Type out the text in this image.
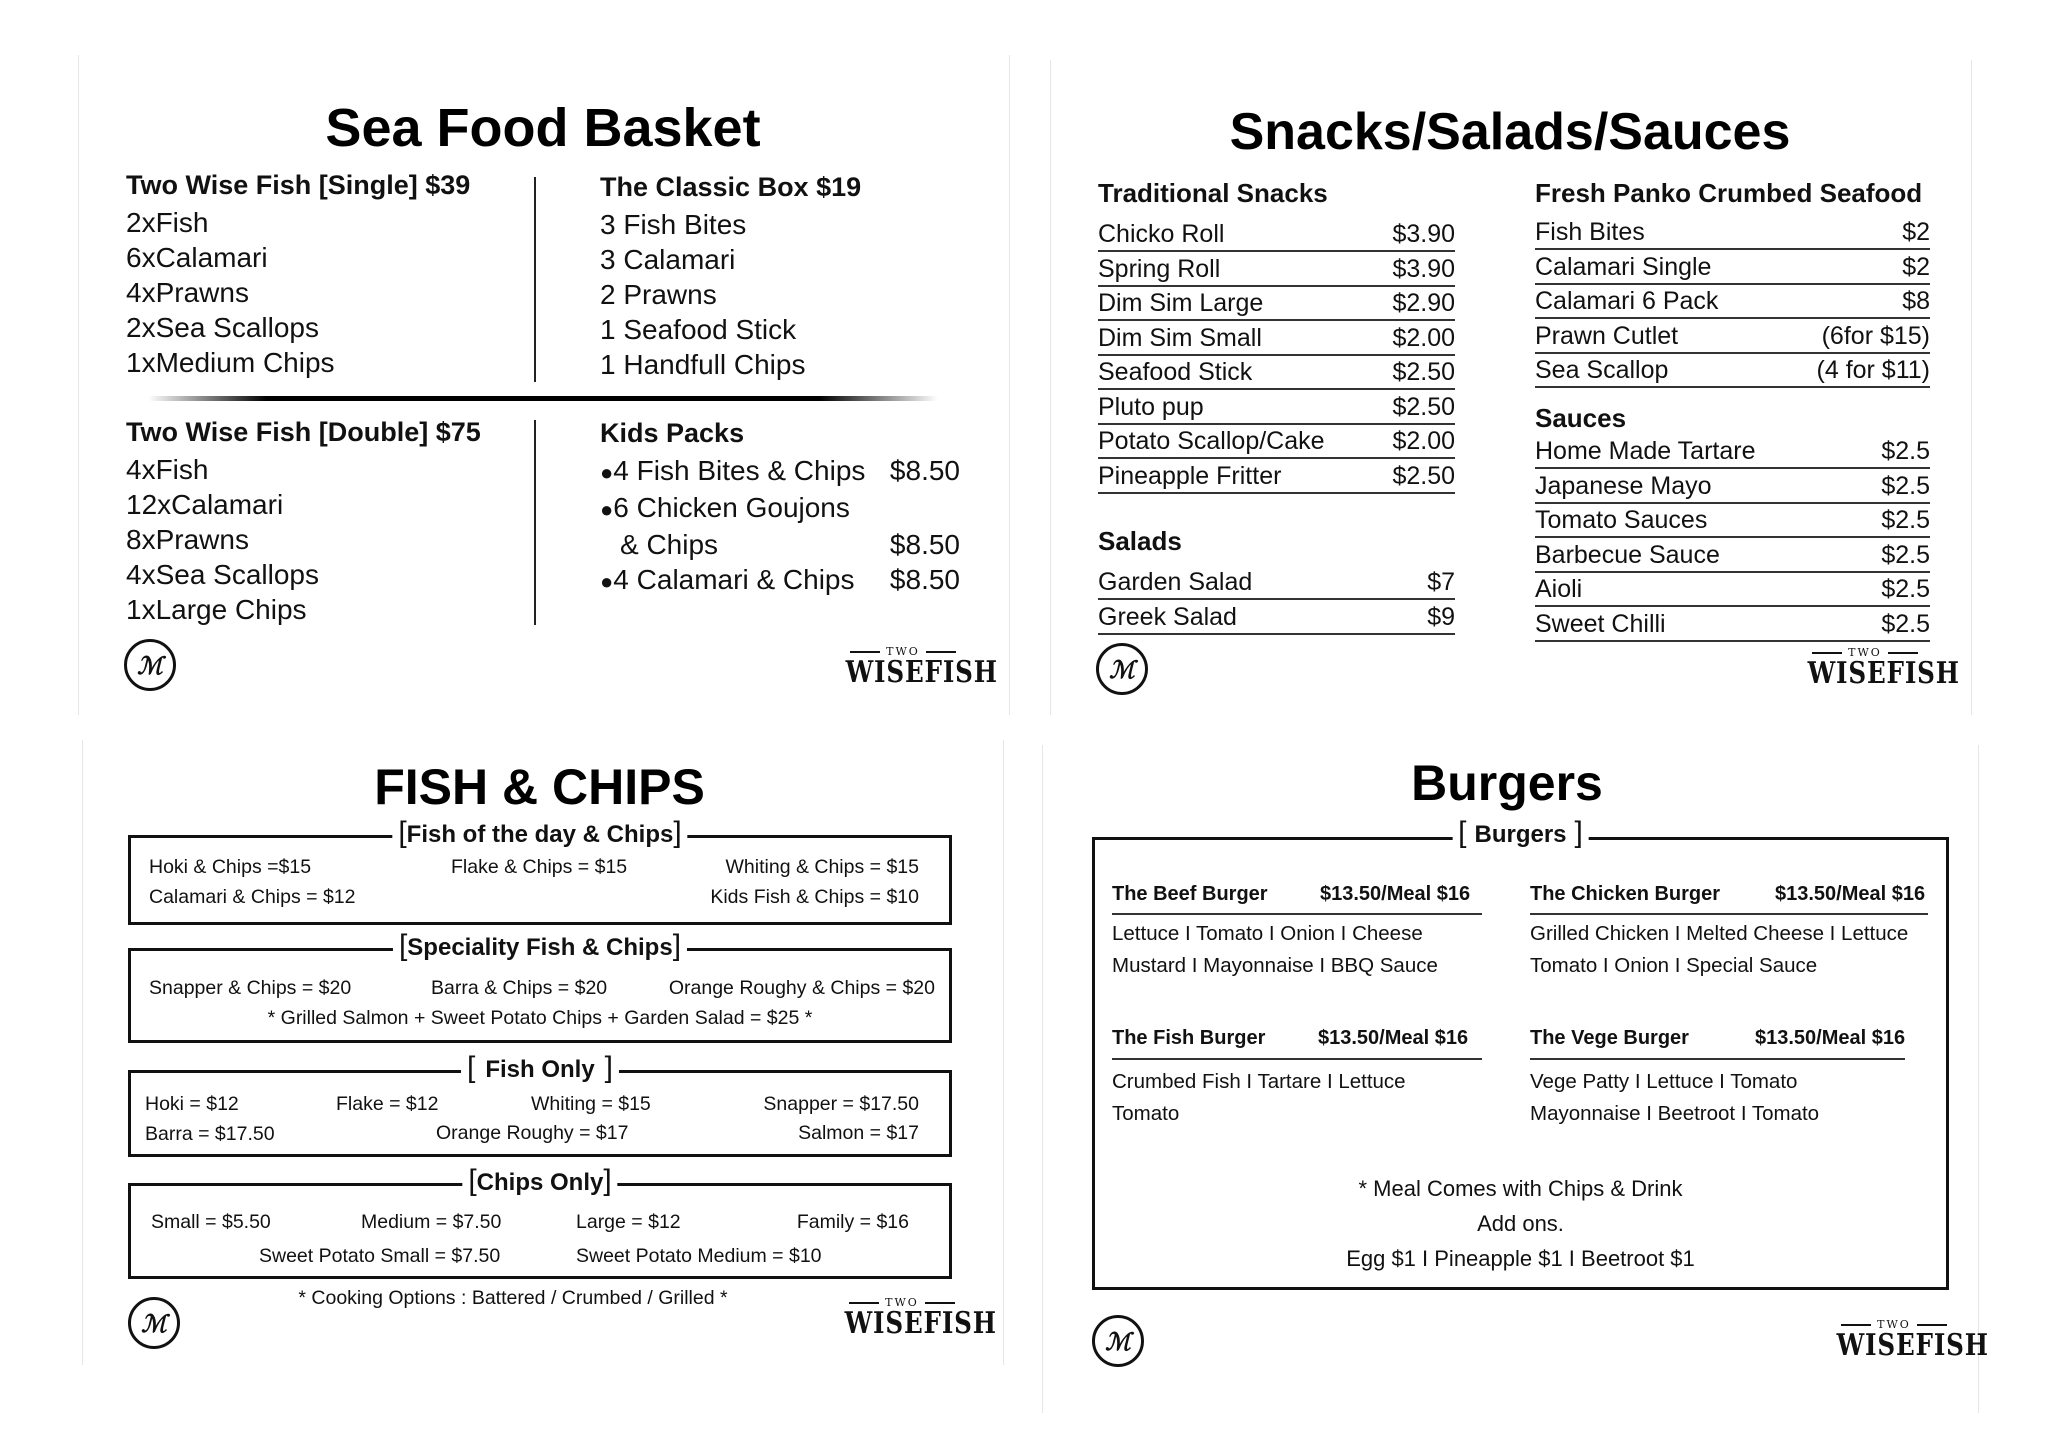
Sea Food Basket
Two Wise Fish [Single] $39
2xFish
6xCalamari
4xPrawns
2xSea Scallops
1xMedium Chips
The Classic Box $19
3 Fish Bites
3 Calamari
2 Prawns
1 Seafood Stick
1 Handfull Chips
Two Wise Fish [Double] $75
4xFish
12xCalamari
8xPrawns
4xSea Scallops
1xLarge Chips
Kids Packs
●4 Fish Bites & Chips $8.50
●6 Chicken Goujons
& Chips	$8.50
●4 Calamari & Chips $8.50
ℳ	TWO
WISEFISH
Snacks/Salads/Sauces
Traditional Snacks
Chicko Roll	$3.90
Spring Roll	$3.90
Dim Sim Large	$2.90
Dim Sim Small	$2.00
Seafood Stick	$2.50
Pluto pup	$2.50
Potato Scallop/Cake	$2.00
Pineapple Fritter	$2.50
Salads
Garden Salad	$7
Greek Salad	$9
Fresh Panko Crumbed Seafood
Fish Bites	$2
Calamari Single	$2
Calamari 6 Pack	$8
Prawn Cutlet	(6for $15)
Sea Scallop	(4 for $11)
Sauces
Home Made Tartare	$2.5
Japanese Mayo	$2.5
Tomato Sauces	$2.5
Barbecue Sauce	$2.5
Aioli	$2.5
Sweet Chilli	$2.5
ℳ
TWO
WISEFISH
FISH & CHIPS
[Fish of the day & Chips]
Hoki & Chips =$15	Flake & Chips = $15	Whiting & Chips = $15
Calamari & Chips = $12	Kids Fish & Chips = $10
[Speciality Fish & Chips]
Snapper & Chips = $20	Barra & Chips = $20	Orange Roughy & Chips = $20
* Grilled Salmon + Sweet Potato Chips + Garden Salad = $25 *
[ Fish Only ]
Hoki = $12	Flake = $12	Whiting = $15	Snapper = $17.50
Barra = $17.50	Orange Roughy = $17	Salmon = $17
[Chips Only]
Small = $5.50	Medium = $7.50	Large = $12	Family = $16
Sweet Potato Small = $7.50	Sweet Potato Medium = $10
* Cooking Options : Battered / Crumbed / Grilled *
ℳ
TWO
WISEFISH
Burgers
[ Burgers ]
The Beef Burger	$13.50/Meal $16
Lettuce I Tomato I Onion I Cheese
Mustard I Mayonnaise I BBQ Sauce
The Chicken Burger	$13.50/Meal $16
Grilled Chicken I Melted Cheese I Lettuce
Tomato I Onion I Special Sauce
The Fish Burger	$13.50/Meal $16
Crumbed Fish I Tartare I Lettuce
Tomato
The Vege Burger	$13.50/Meal $16
Vege Patty I Lettuce I Tomato
Mayonnaise I Beetroot I Tomato
* Meal Comes with Chips & Drink
Add ons.
Egg $1 I Pineapple $1 I Beetroot $1
ℳ
TWO
WISEFISH
